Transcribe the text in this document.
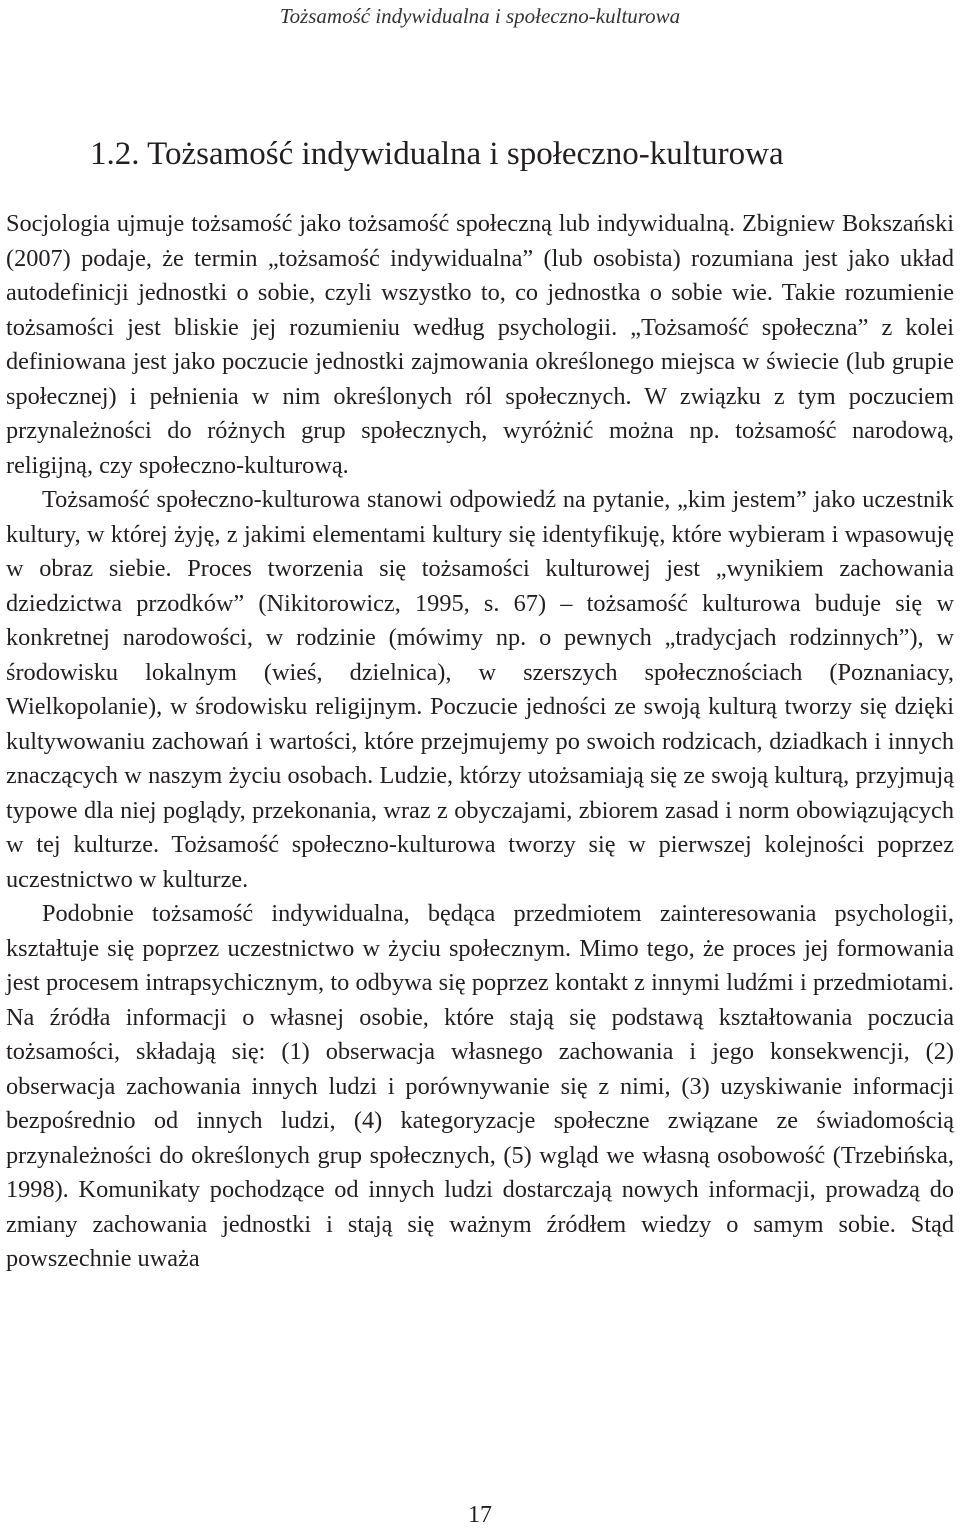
Tożsamość indywidualna i społeczno-kulturowa
1.2. Tożsamość indywidualna i społeczno-kulturowa

Socjologia ujmuje tożsamość jako tożsamość społeczną lub indywidualną. Zbigniew Bokszański (2007) podaje, że termin „tożsamość indywidualna” (lub osobista) rozumiana jest jako układ autodefinicji jednostki o sobie, czyli wszystko to, co jednostka o sobie wie. Takie rozumienie tożsamości jest bliskie jej rozumieniu według psychologii. „Tożsamość społeczna” z kolei definiowana jest jako poczucie jednostki zajmowania określonego miejsca w świecie (lub grupie społecznej) i pełnienia w nim określonych ról społecznych. W związku z tym poczuciem przynależności do różnych grup społecznych, wyróżnić można np. tożsamość narodową, religijną, czy społeczno-kulturową.

Tożsamość społeczno-kulturowa stanowi odpowiedź na pytanie, „kim jestem” jako uczestnik kultury, w której żyję, z jakimi elementami kultury się identyfikuję, które wybieram i wpasowuję w obraz siebie. Proces tworzenia się tożsamości kulturowej jest „wynikiem zachowania dziedzictwa przodków” (Nikitorowicz, 1995, s. 67) – tożsamość kulturowa buduje się w konkretnej narodowości, w rodzinie (mówimy np. o pewnych „tradycjach rodzinnych”), w środowisku lokalnym (wieś, dzielnica), w szerszych społecznościach (Poznaniacy, Wielkopolanie), w środowisku religijnym. Poczucie jedności ze swoją kulturą tworzy się dzięki kultywowaniu zachowań i wartości, które przejmujemy po swoich rodzicach, dziadkach i innych znaczących w naszym życiu osobach. Ludzie, którzy utożsamiają się ze swoją kulturą, przyjmują typowe dla niej poglądy, przekonania, wraz z obyczajami, zbiorem zasad i norm obowiązujących w tej kulturze. Tożsamość społeczno-kulturowa tworzy się w pierwszej kolejności poprzez uczestnictwo w kulturze.

Podobnie tożsamość indywidualna, będąca przedmiotem zainteresowania psychologii, kształtuje się poprzez uczestnictwo w życiu społecznym. Mimo tego, że proces jej formowania jest procesem intrapsychicznym, to odbywa się poprzez kontakt z innymi ludźmi i przedmiotami. Na źródła informacji o własnej osobie, które stają się podstawą kształtowania poczucia tożsamości, składają się: (1) obserwacja własnego zachowania i jego konsekwencji, (2) obserwacja zachowania innych ludzi i porównywanie się z nimi, (3) uzyskiwanie informacji bezpośrednio od innych ludzi, (4) kategoryzacje społeczne związane ze świadomością przynależności do określonych grup społecznych, (5) wgląd we własną osobowość (Trzebińska, 1998). Komunikaty pochodzące od innych ludzi dostarczają nowych informacji, prowadzą do zmiany zachowania jednostki i stają się ważnym źródłem wiedzy o samym sobie. Stąd powszechnie uważa

17
